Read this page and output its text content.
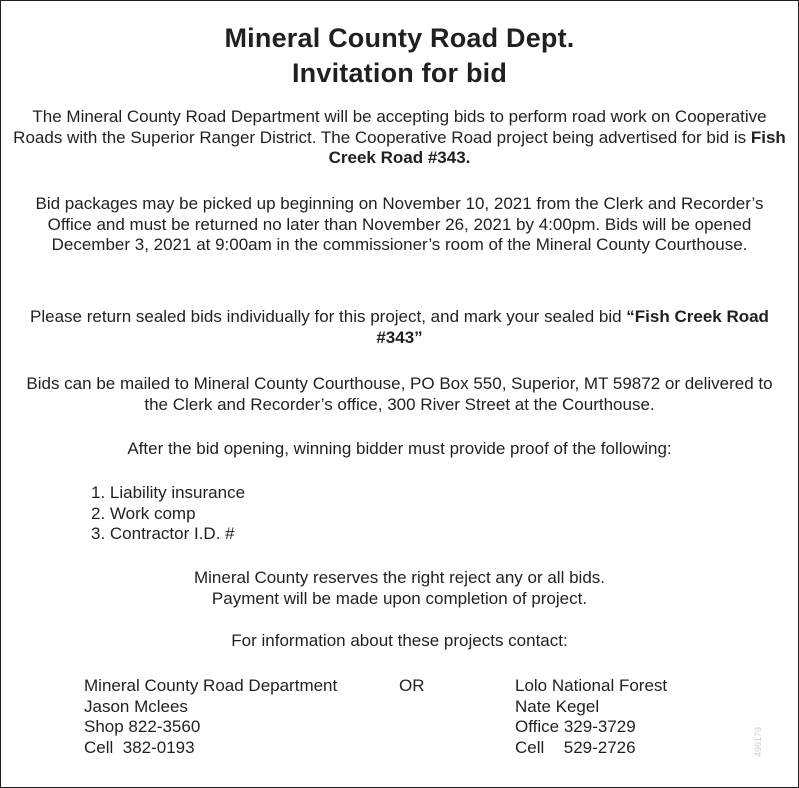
Mineral County Road Dept.
Invitation for bid
The Mineral County Road Department will be accepting bids to perform road work on Cooperative Roads with the Superior Ranger District. The Cooperative Road project being advertised for bid is Fish Creek Road #343.
Bid packages may be picked up beginning on November 10, 2021 from the Clerk and Recorder’s Office and must be returned no later than November 26, 2021 by 4:00pm. Bids will be opened December 3, 2021 at 9:00am in the commissioner’s room of the Mineral County Courthouse.
Please return sealed bids individually for this project, and mark your sealed bid “Fish Creek Road #343”
Bids can be mailed to Mineral County Courthouse, PO Box 550, Superior, MT 59872 or delivered to the Clerk and Recorder’s office, 300 River Street at the Courthouse.
After the bid opening, winning bidder must provide proof of the following:
1. Liability insurance
2. Work comp
3. Contractor I.D. #
Mineral County reserves the right reject any or all bids.
Payment will be made upon completion of project.
For information about these projects contact:
Mineral County Road Department
Jason Mclees
Shop 822-3560
Cell 382-0193
OR	Lolo National Forest
Nate Kegel
Office 329-3729
Cell 529-2726	496179
